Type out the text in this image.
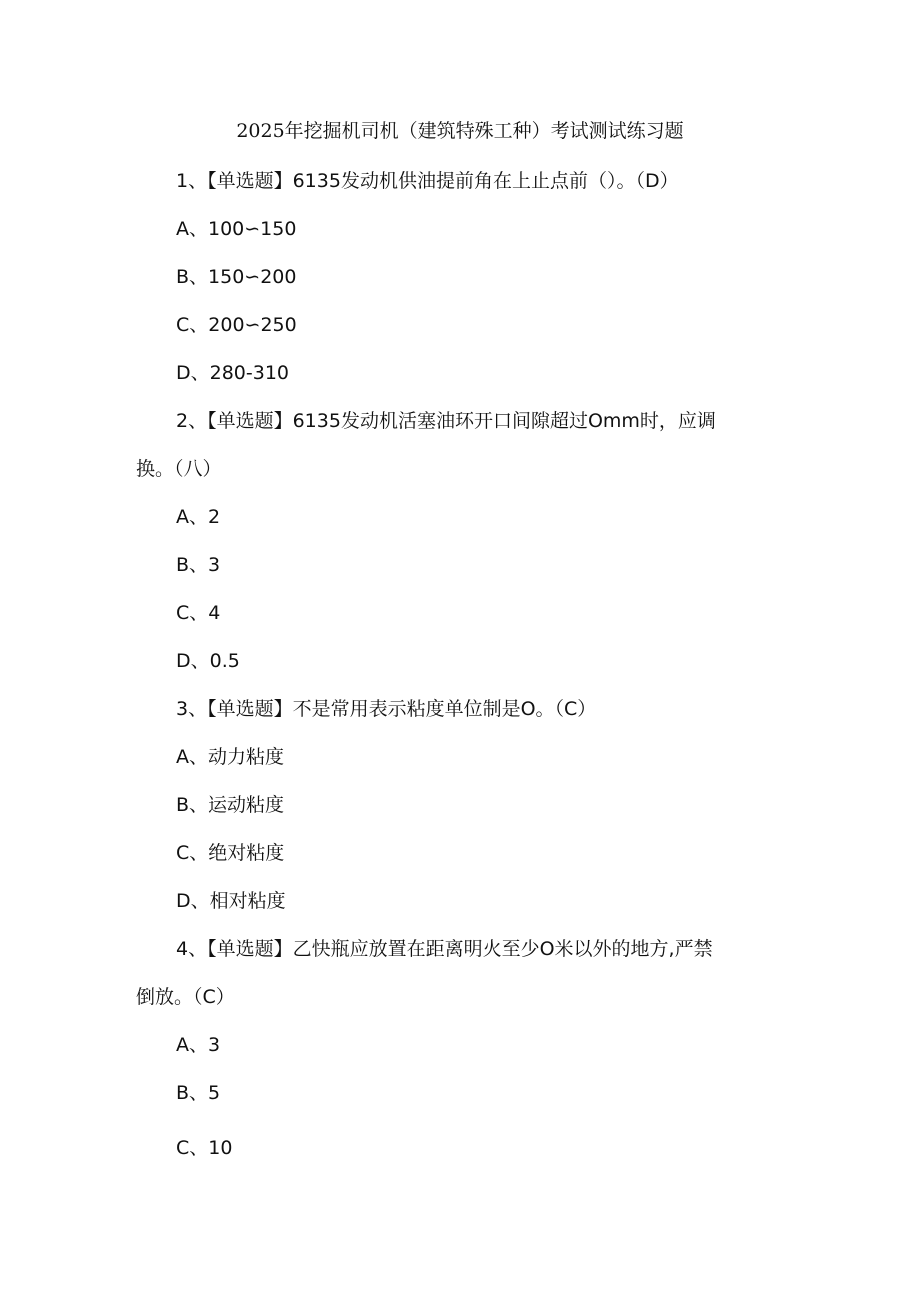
2025年挖掘机司机（建筑特殊工种）考试测试练习题
1、【单选题】6135发动机供油提前角在上止点前（）。（D）
A、100∽150
B、150∽200
C、200∽250
D、280-310
2、【单选题】6135发动机活塞油环开口间隙超过Omm时，应调
换。（八）
A、2
B、3
C、4
D、0.5
3、【单选题】不是常用表示粘度单位制是O。（C）
A、动力粘度
B、运动粘度
C、绝对粘度
D、相对粘度
4、【单选题】乙快瓶应放置在距离明火至少O米以外的地方,严禁
倒放。（C）
A、3
B、5
C、10
